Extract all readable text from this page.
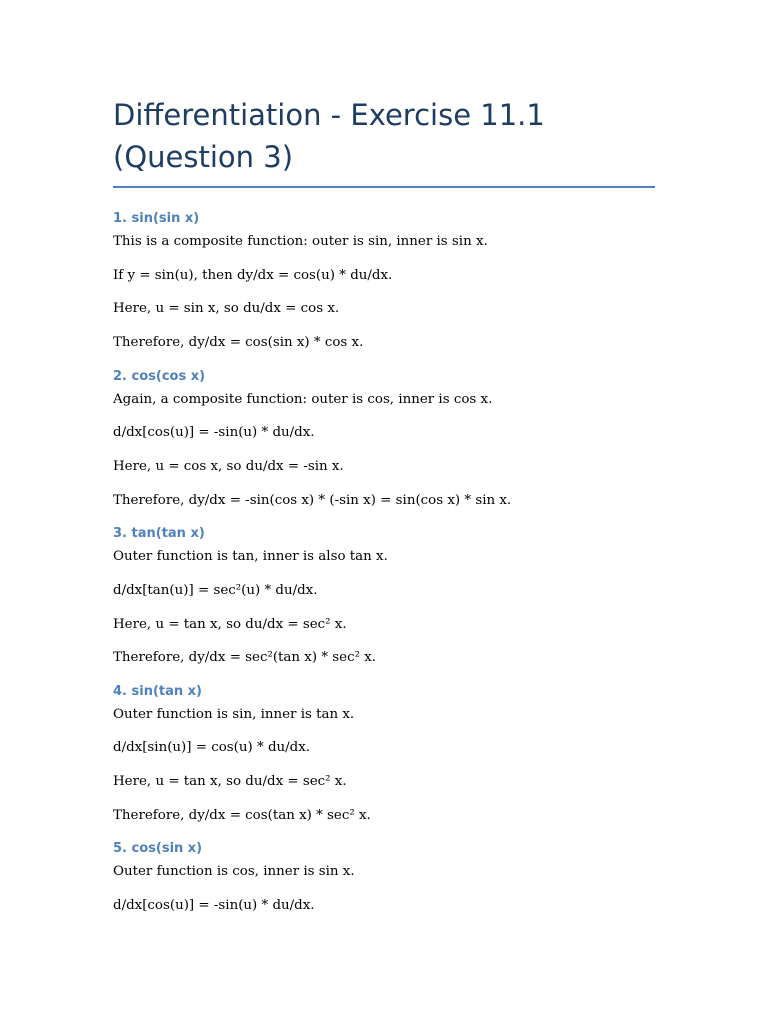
Differentiation - Exercise 11.1 (Question 3)
1. sin(sin x)

This is a composite function: outer is sin, inner is sin x.

If y = sin(u), then dy/dx = cos(u) * du/dx.

Here, u = sin x, so du/dx = cos x.

Therefore, dy/dx = cos(sin x) * cos x.

2. cos(cos x)

Again, a composite function: outer is cos, inner is cos x.

d/dx[cos(u)] = -sin(u) * du/dx.

Here, u = cos x, so du/dx = -sin x.

Therefore, dy/dx = -sin(cos x) * (-sin x) = sin(cos x) * sin x.

3. tan(tan x)

Outer function is tan, inner is also tan x.

d/dx[tan(u)] = sec²(u) * du/dx.

Here, u = tan x, so du/dx = sec² x.

Therefore, dy/dx = sec²(tan x) * sec² x.

4. sin(tan x)

Outer function is sin, inner is tan x.

d/dx[sin(u)] = cos(u) * du/dx.

Here, u = tan x, so du/dx = sec² x.

Therefore, dy/dx = cos(tan x) * sec² x.

5. cos(sin x)

Outer function is cos, inner is sin x.

d/dx[cos(u)] = -sin(u) * du/dx.
